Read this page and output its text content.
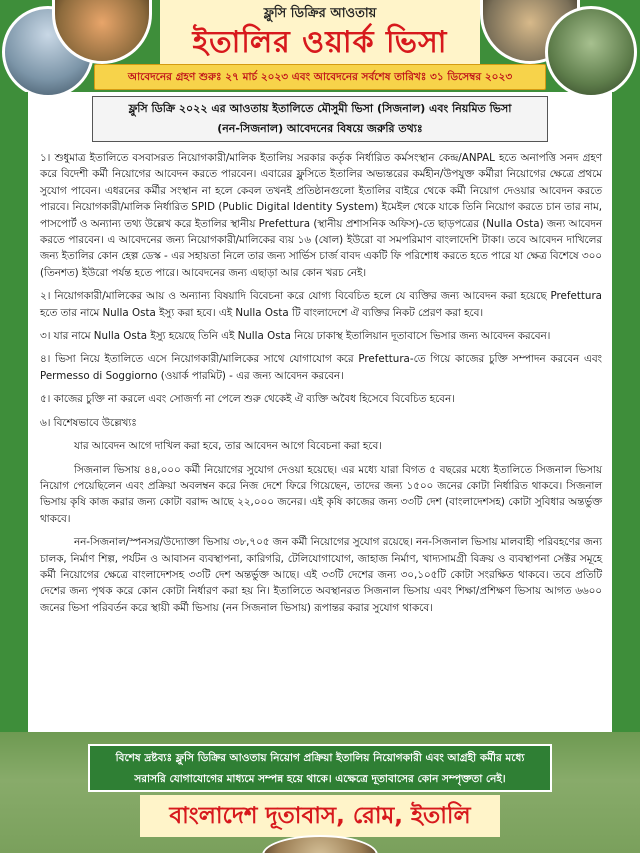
ফ্লুসি ডিক্রির আওতায়
ইতালির ওয়ার্ক ভিসা
আবেদনের গ্রহণ শুরুঃ ২৭ মার্চ ২০২৩ এবং আবেদনের সর্বশেষ তারিখঃ ৩১ ডিসেম্বর ২০২৩
ফ্লুসি ডিক্রি ২০২২ এর আওতায় ইতালিতে মৌসুমী ভিসা (সিজনাল) এবং নিয়মিত ভিসা
(নন-সিজনাল) আবেদনের বিষয়ে জরুরি তথ্যঃ

১। শুধুমাত্র ইতালিতে বসবাসরত নিয়োগকারী/মালিক ইতালিয় সরকার কর্তৃক নির্ধারিত কর্মসংস্থান কেন্দ্র/ANPAL হতে অনাপত্তি সনদ গ্রহণ করে বিদেশী কর্মী নিয়োগের আবেদন করতে পারবেন। এবারের ফ্লুসিতে ইতালির অভ্যন্তরের কর্মহীন/উপযুক্ত কর্মীরা নিয়োগের ক্ষেত্রে প্রথমে সুযোগ পাবেন। এধরনের কর্মীর সংস্থান না হলে কেবল তখনই প্রতিষ্ঠানগুলো ইতালির বাইরে থেকে কর্মী নিয়োগ দেওয়ার আবেদন করতে পারবে। নিয়োগকারী/মালিক নির্ধারিত SPID (Public Digital Identity System) ইমেইল থেকে যাকে তিনি নিয়োগ করতে চান তার নাম, পাসপোর্ট ও অন্যান্য তথ্য উল্লেখ করে ইতালির স্থানীয় Prefettura (স্থানীয় প্রশাসনিক অফিস)-তে ছাড়পত্রের (Nulla Osta) জন্য আবেদন করতে পারবেন। এ আবেদনের জন্য নিয়োগকারী/মালিকের ব্যয় ১৬ (ষোল) ইউরো বা সমপরিমাণ বাংলাদেশি টাকা। তবে আবেদন দাখিলের জন্য ইতালির কোন হেল্প ডেস্ক - এর সহায়তা নিলে তার জন্য সার্ভিস চার্জ বাবদ একটি ফি পরিশোধ করতে হতে পারে যা ক্ষেত্র বিশেষে ৩০০ (তিনশত) ইউরো পর্যন্ত হতে পারে। আবেদনের জন্য এছাড়া আর কোন খরচ নেই।

২। নিয়োগকারী/মালিকের আয় ও অন্যান্য বিষয়াদি বিবেচনা করে যোগ্য বিবেচিত হলে যে ব্যক্তির জন্য আবেদন করা হয়েছে Prefettura হতে তার নামে Nulla Osta ইস্যু করা হবে। এই Nulla Osta টি বাংলাদেশে ঐ ব্যক্তির নিকট প্রেরণ করা হবে।

৩। যার নামে Nulla Osta ইস্যু হয়েছে তিনি এই Nulla Osta নিয়ে ঢাকাস্থ ইতালিয়ান দূতাবাসে ভিসার জন্য আবেদন করবেন।

৪। ভিসা নিয়ে ইতালিতে এসে নিয়োগকারী/মালিকের সাথে যোগাযোগ করে Prefettura-তে গিয়ে কাজের চুক্তি সম্পাদন করবেন এবং Permesso di Soggiorno (ওয়ার্ক পারমিট) - এর জন্য আবেদন করবেন।

৫। কাজের চুক্তি না করলে এবং সোজর্ণ্য না পেলে শুরু থেকেই ঐ ব্যক্তি অবৈধ হিসেবে বিবেচিত হবেন।

৬। বিশেষভাবে উল্লেখ্যঃ

যার আবেদন আগে দাখিল করা হবে, তার আবেদন আগে বিবেচনা করা হবে।

সিজনাল ভিসায় ৪৪,০০০ কর্মী নিয়োগের সুযোগ দেওয়া হয়েছে। এর মধ্যে যারা বিগত ৫ বছরের মধ্যে ইতালিতে সিজনাল ভিসায় নিয়োগ পেয়েছিলেন এবং প্রক্রিয়া অবলম্বন করে নিজ দেশে ফিরে গিয়েছেন, তাদের জন্য ১৫০০ জনের কোটা নির্ধারিত থাকবে। সিজনাল ভিসায় কৃষি কাজ করার জন্য কোটা বরাদ্দ আছে ২২,০০০ জনের। এই কৃষি কাজের জন্য ৩৩টি দেশ (বাংলাদেশসহ) কোটা সুবিধার অন্তর্ভুক্ত থাকবে।

নন-সিজনাল/স্পনসর/উদ্যোক্তা ভিসায় ৩৮,৭০৫ জন কর্মী নিয়োগের সুযোগ রয়েছে। নন-সিজনাল ভিসায় মালবাহী পরিবহণের জন্য চালক, নির্মাণ শিল্প, পর্যটন ও আবাসন ব্যবস্থাপনা, কারিগরি, টেলিযোগাযোগ, জাহাজ নির্মাণ, খাদ্যসামগ্রী বিক্রয় ও ব্যবস্থাপনা সেক্টর সমূহে কর্মী নিয়োগের ক্ষেত্রে বাংলাদেশসহ ৩৩টি দেশ অন্তর্ভুক্ত আছে। এই ৩৩টি দেশের জন্য ৩০,১০৫টি কোটা সংরক্ষিত থাকবে। তবে প্রতিটি দেশের জন্য পৃথক করে কোন কোটা নির্ধারণ করা হয় নি। ইতালিতে অবস্থানরত সিজনাল ভিসায় এবং শিক্ষা/প্রশিক্ষণ ভিসায় আগত ৬৬০০ জনের ভিসা পরিবর্তন করে স্থায়ী কর্মী ভিসায় (নন সিজনাল ভিসায়) রূপান্তর করার সুযোগ থাকবে।

বিশেষ দ্রষ্টব্যঃ ফ্লুসি ডিক্রির আওতায় নিয়োগ প্রক্রিয়া ইতালিয় নিয়োগকারী এবং আগ্রহী কর্মীর মধ্যে
সরাসরি যোগাযোগের মাধ্যমে সম্পন্ন হয়ে থাকে। এক্ষেত্রে দূতাবাসের কোন সম্পৃক্ততা নেই।
বাংলাদেশ দূতাবাস, রোম, ইতালি
